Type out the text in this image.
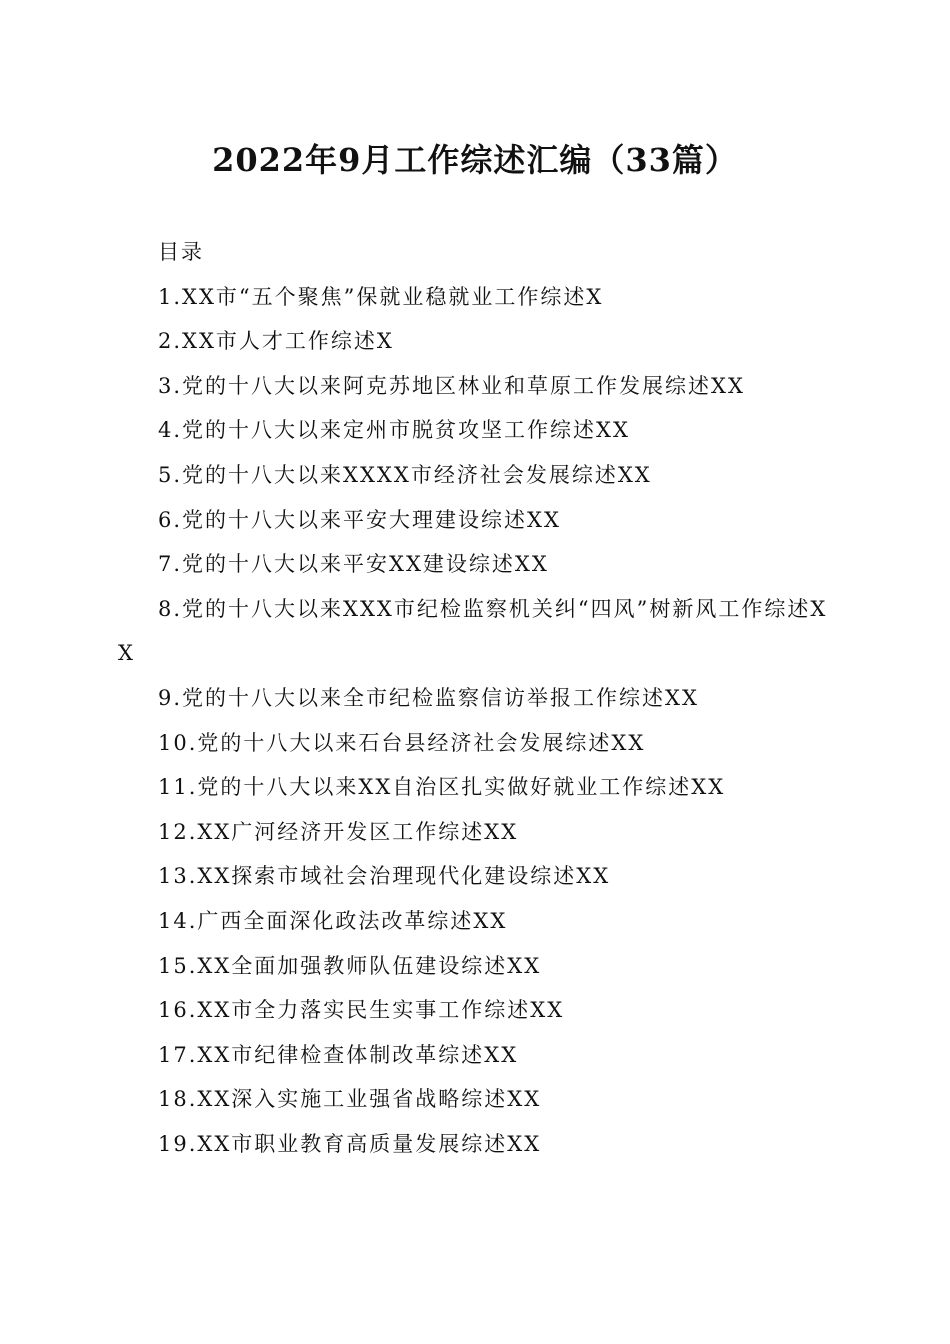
2022年9月工作综述汇编（33篇）

目录

1.XX市“五个聚焦”保就业稳就业工作综述X

2.XX市人才工作综述X

3.党的十八大以来阿克苏地区林业和草原工作发展综述XX

4.党的十八大以来定州市脱贫攻坚工作综述XX

5.党的十八大以来XXXX市经济社会发展综述XX

6.党的十八大以来平安大理建设综述XX

7.党的十八大以来平安XX建设综述XX

8.党的十八大以来XXX市纪检监察机关纠“四风”树新风工作综述XX

9.党的十八大以来全市纪检监察信访举报工作综述XX

10.党的十八大以来石台县经济社会发展综述XX

11.党的十八大以来XX自治区扎实做好就业工作综述XX

12.XX广河经济开发区工作综述XX

13.XX探索市域社会治理现代化建设综述XX

14.广西全面深化政法改革综述XX

15.XX全面加强教师队伍建设综述XX

16.XX市全力落实民生实事工作综述XX

17.XX市纪律检查体制改革综述XX

18.XX深入实施工业强省战略综述XX

19.XX市职业教育高质量发展综述XX
